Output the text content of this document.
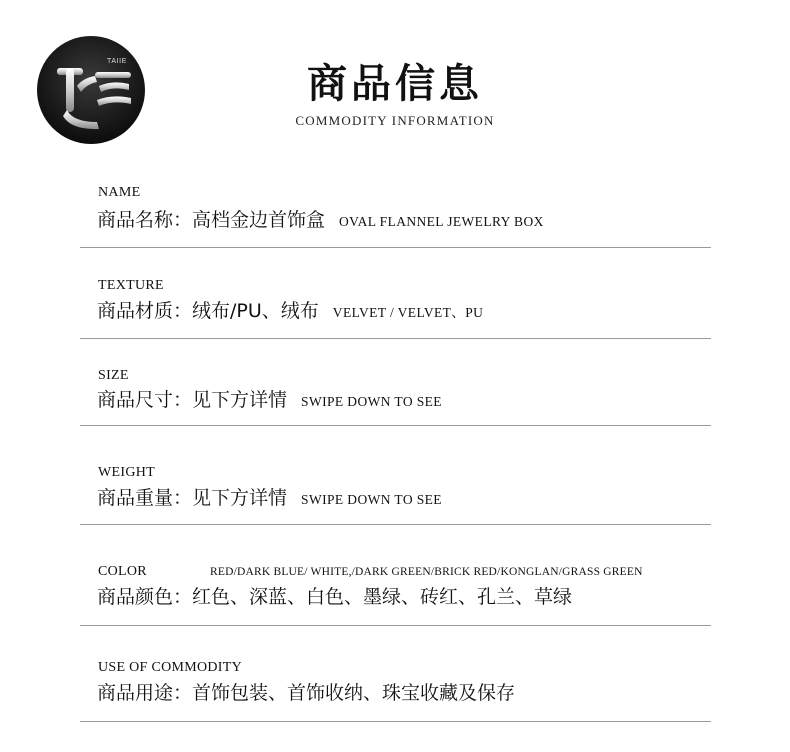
TAIIE	商品信息
COMMODITY INFORMATION
NAME
商品名称： 高档金边首饰盒 OVAL FLANNEL JEWELRY BOX
TEXTURE
商品材质： 绒布/PU、绒布 VELVET / VELVET、PU
SIZE
商品尺寸： 见下方详情 SWIPE DOWN TO SEE
WEIGHT
商品重量： 见下方详情 SWIPE DOWN TO SEE
COLOR	RED/DARK BLUE/ WHITE,/DARK GREEN/BRICK RED/KONGLAN/GRASS GREEN
商品颜色： 红色、深蓝、白色、墨绿、砖红、孔兰、草绿
USE OF COMMODITY
商品用途： 首饰包装、首饰收纳、珠宝收藏及保存
